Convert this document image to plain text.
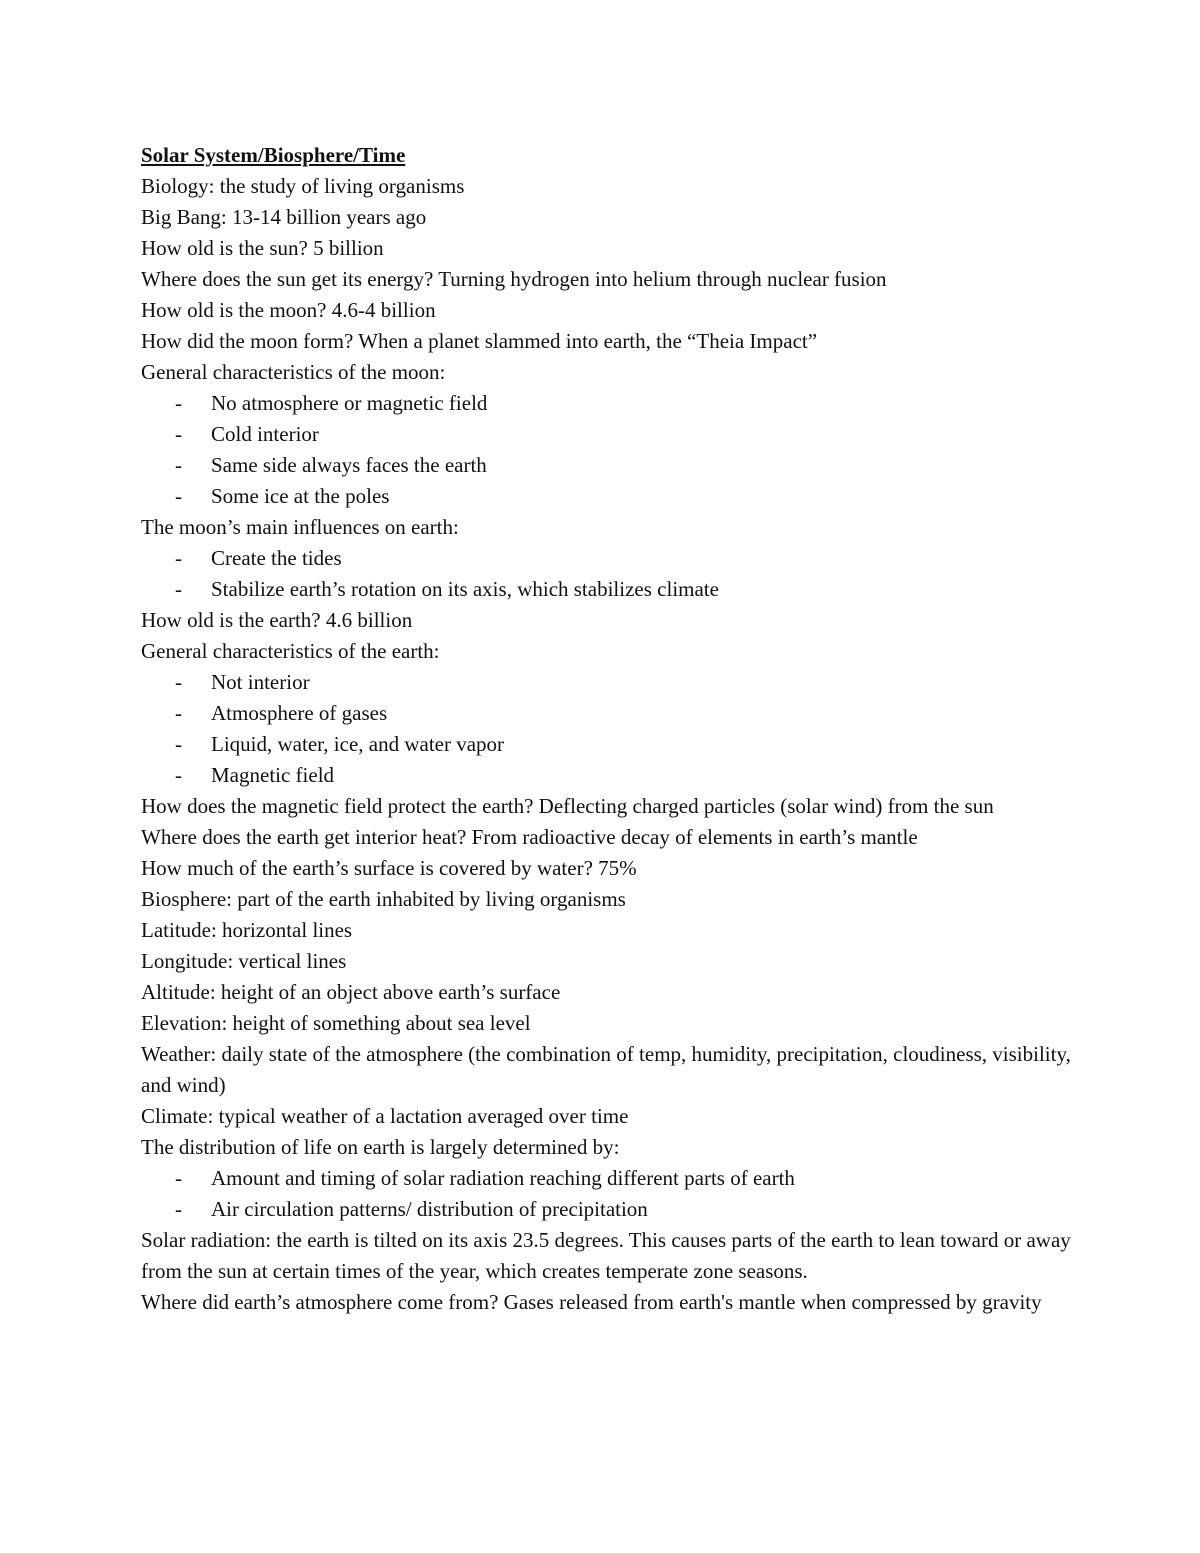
Solar System/Biosphere/Time
Biology: the study of living organisms
Big Bang: 13-14 billion years ago
How old is the sun? 5 billion
Where does the sun get its energy? Turning hydrogen into helium through nuclear fusion
How old is the moon? 4.6-4 billion
How did the moon form? When a planet slammed into earth, the “Theia Impact”
General characteristics of the moon:
- No atmosphere or magnetic field
- Cold interior
- Same side always faces the earth
- Some ice at the poles
The moon’s main influences on earth:
- Create the tides
- Stabilize earth’s rotation on its axis, which stabilizes climate
How old is the earth? 4.6 billion
General characteristics of the earth:
- Not interior
- Atmosphere of gases
- Liquid, water, ice, and water vapor
- Magnetic field
How does the magnetic field protect the earth? Deflecting charged particles (solar wind) from the sun
Where does the earth get interior heat? From radioactive decay of elements in earth’s mantle
How much of the earth’s surface is covered by water? 75%
Biosphere: part of the earth inhabited by living organisms
Latitude: horizontal lines
Longitude: vertical lines
Altitude: height of an object above earth’s surface
Elevation: height of something about sea level
Weather: daily state of the atmosphere (the combination of temp, humidity, precipitation, cloudiness, visibility, and wind)
Climate: typical weather of a lactation averaged over time
The distribution of life on earth is largely determined by:
- Amount and timing of solar radiation reaching different parts of earth
- Air circulation patterns/ distribution of precipitation
Solar radiation: the earth is tilted on its axis 23.5 degrees. This causes parts of the earth to lean toward or away from the sun at certain times of the year, which creates temperate zone seasons.
Where did earth’s atmosphere come from? Gases released from earth's mantle when compressed by gravity
